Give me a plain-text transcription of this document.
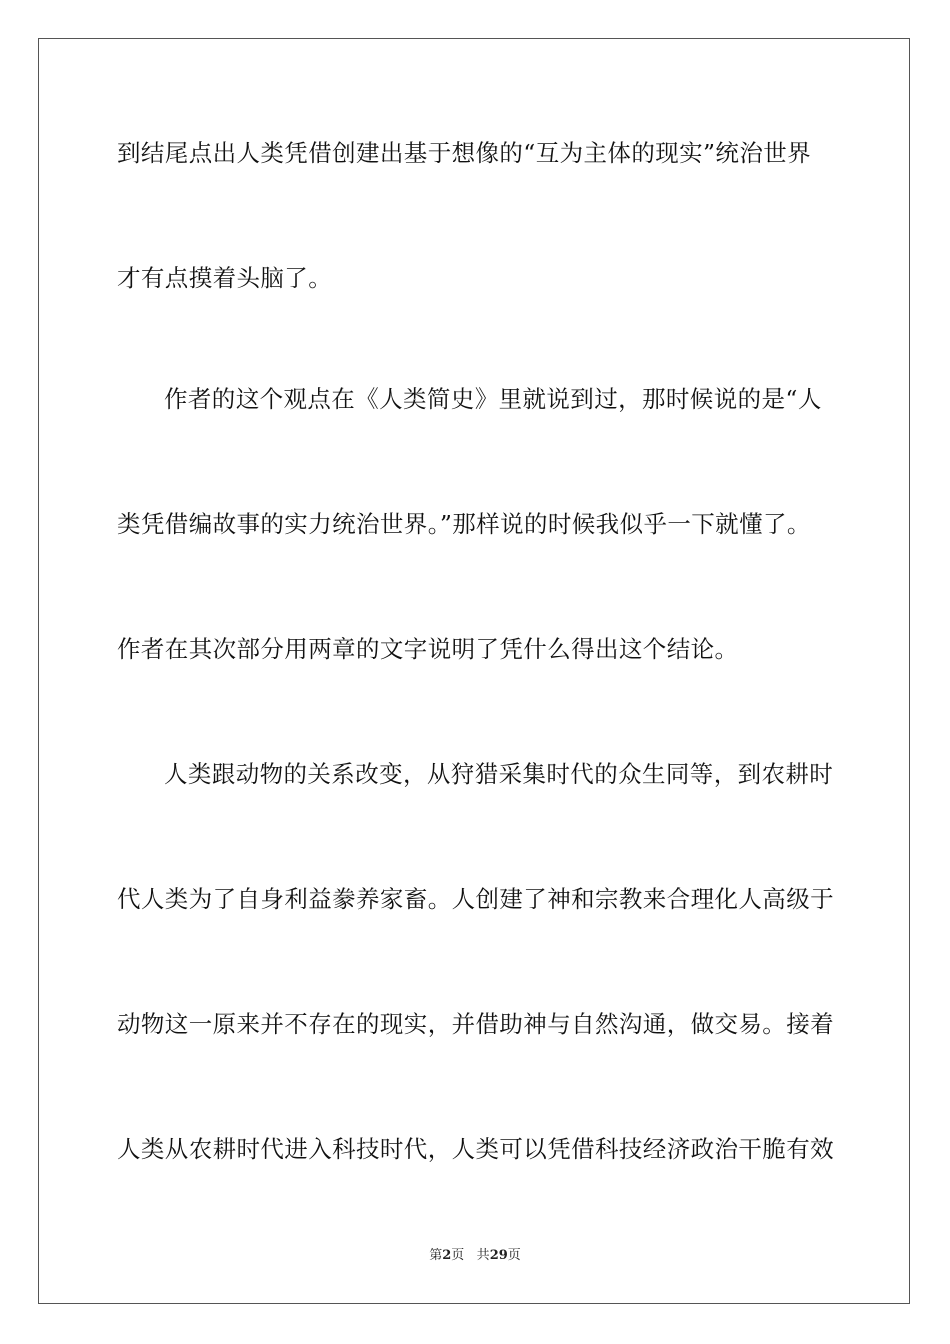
到结尾点出人类凭借创建出基于想像的“互为主体的现实”统治世界
才有点摸着头脑了。
作者的这个观点在《人类简史》里就说到过，那时候说的是“人
类凭借编故事的实力统治世界。”那样说的时候我似乎一下就懂了。
作者在其次部分用两章的文字说明了凭什么得出这个结论。
人类跟动物的关系改变，从狩猎采集时代的众生同等，到农耕时
代人类为了自身利益豢养家畜。人创建了神和宗教来合理化人高级于
动物这一原来并不存在的现实，并借助神与自然沟通，做交易。接着
人类从农耕时代进入科技时代，人类可以凭借科技经济政治干脆有效
第2页 共29页
